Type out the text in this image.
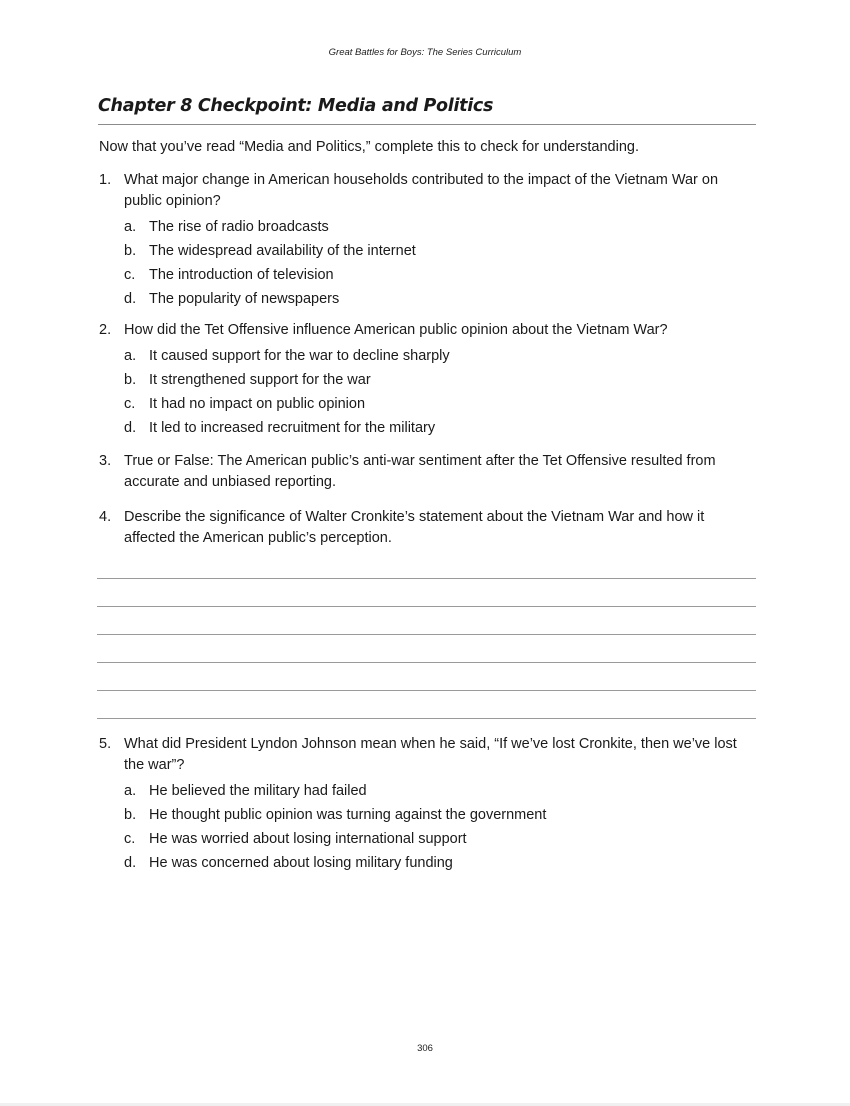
Great Battles for Boys: The Series Curriculum
Chapter 8 Checkpoint: Media and Politics
Now that you’ve read “Media and Politics,” complete this to check for understanding.
1. What major change in American households contributed to the impact of the Vietnam War on public opinion?
a. The rise of radio broadcasts
b. The widespread availability of the internet
c. The introduction of television
d. The popularity of newspapers
2. How did the Tet Offensive influence American public opinion about the Vietnam War?
a. It caused support for the war to decline sharply
b. It strengthened support for the war
c. It had no impact on public opinion
d. It led to increased recruitment for the military
3. True or False: The American public’s anti-war sentiment after the Tet Offensive resulted from accurate and unbiased reporting.
4. Describe the significance of Walter Cronkite’s statement about the Vietnam War and how it affected the American public’s perception.
5. What did President Lyndon Johnson mean when he said, “If we’ve lost Cronkite, then we’ve lost the war”?
a. He believed the military had failed
b. He thought public opinion was turning against the government
c. He was worried about losing international support
d. He was concerned about losing military funding
306
